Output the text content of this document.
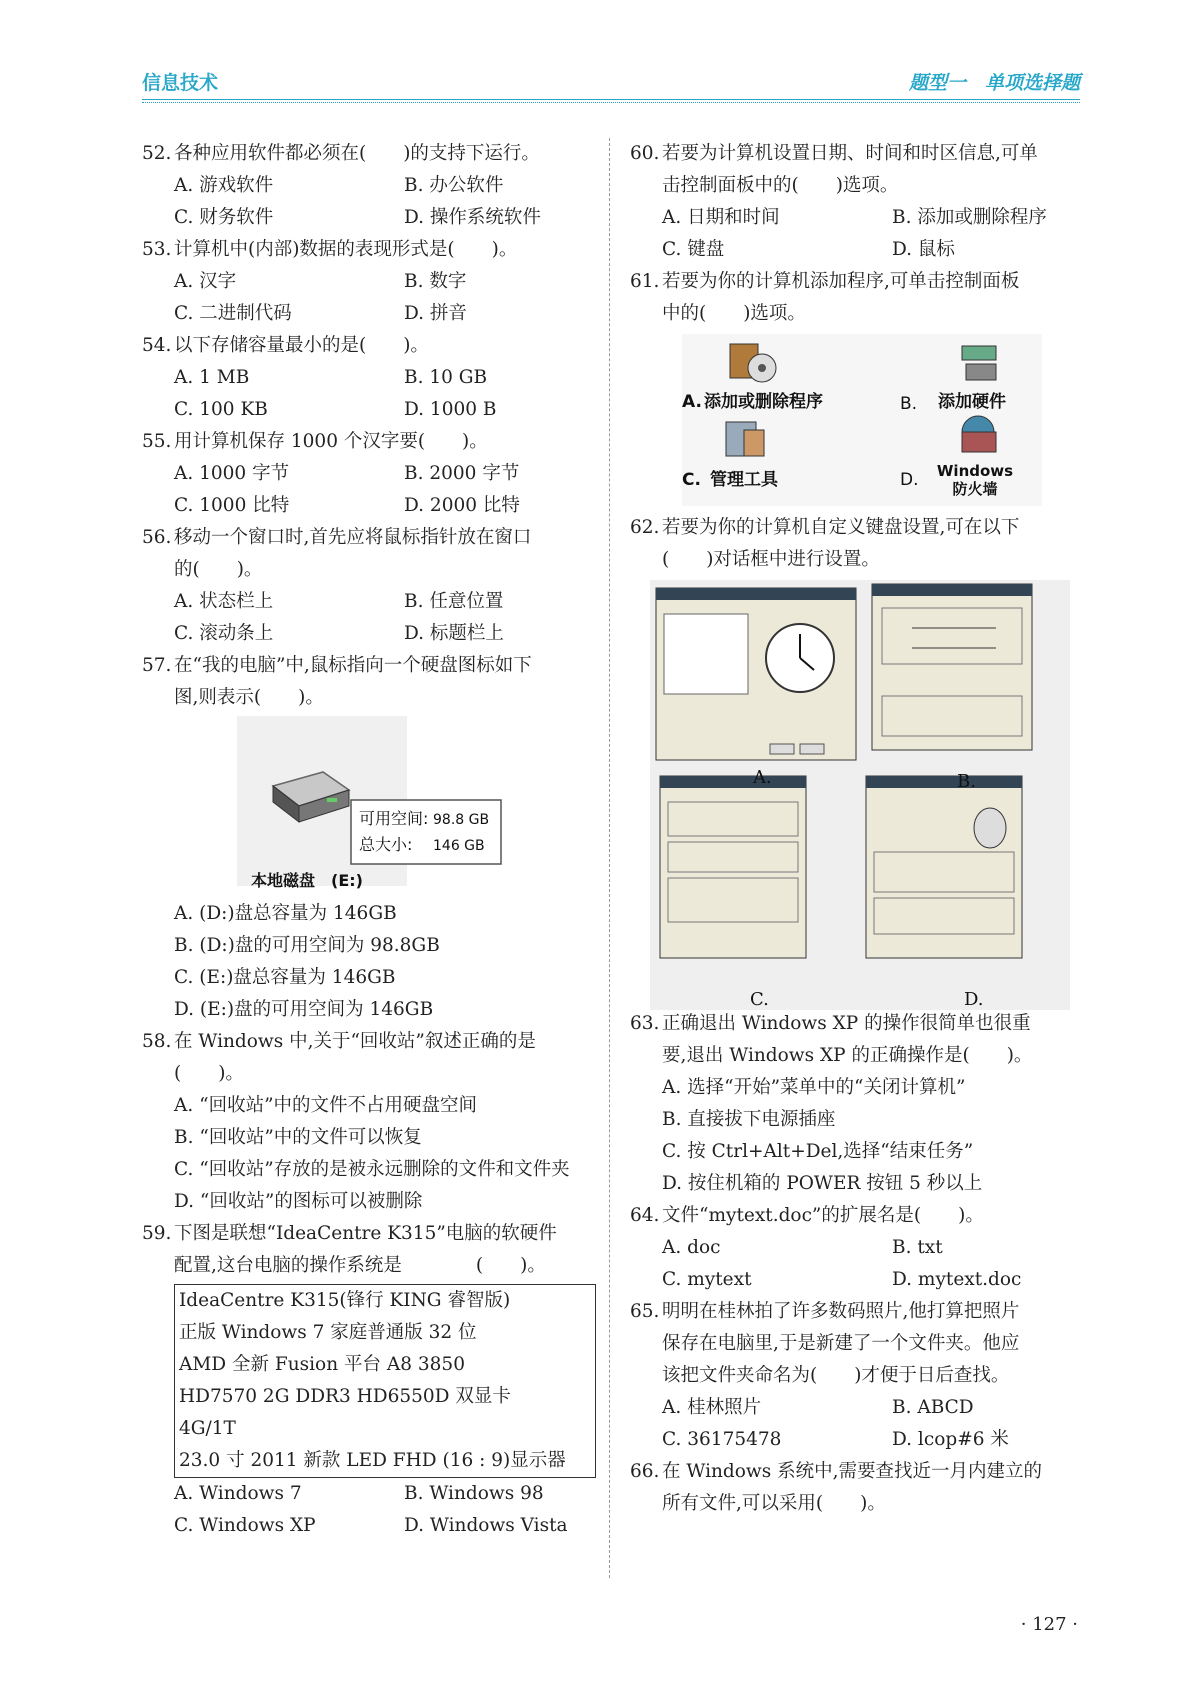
信息技术	题型一　单项选择题
52. 各种应用软件都必须在(　　)的支持下运行。
A. 游戏软件	B. 办公软件
C. 财务软件	D. 操作系统软件
53. 计算机中(内部)数据的表现形式是(　　)。
A. 汉字	B. 数字
C. 二进制代码	D. 拼音
54. 以下存储容量最小的是(　　)。
A. 1 MB	B. 10 GB
C. 100 KB	D. 1000 B
55. 用计算机保存 1000 个汉字要(　　)。
A. 1000 字节	B. 2000 字节
C. 1000 比特	D. 2000 比特
56. 移动一个窗口时,首先应将鼠标指针放在窗口
的(　　)。
A. 状态栏上	B. 任意位置
C. 滚动条上	D. 标题栏上
57. 在“我的电脑”中,鼠标指向一个硬盘图标如下
图,则表示(　　)。
可用空间: 98.8 GB
总大小: 146 GB
本地磁盘　(E:)
A. (D:)盘总容量为 146GB
B. (D:)盘的可用空间为 98.8GB
C. (E:)盘总容量为 146GB
D. (E:)盘的可用空间为 146GB
58. 在 Windows 中,关于“回收站”叙述正确的是
(　　)。
A. “回收站”中的文件不占用硬盘空间
B. “回收站”中的文件可以恢复
C. “回收站”存放的是被永远删除的文件和文件夹
D. “回收站”的图标可以被删除
59. 下图是联想“IdeaCentre K315”电脑的软硬件
配置,这台电脑的操作系统是　　　　(　　)。
IdeaCentre K315(锋行 KING 睿智版)
正版 Windows 7 家庭普通版 32 位
AMD 全新 Fusion 平台 A8 3850
HD7570 2G DDR3 HD6550D 双显卡
4G/1T
23.0 寸 2011 新款 LED FHD (16 : 9)显示器
A. Windows 7	B. Windows 98
C. Windows XP	D. Windows Vista
60. 若要为计算机设置日期、时间和时区信息,可单
击控制面板中的(　　)选项。
A. 日期和时间	B. 添加或删除程序
C. 键盘	D. 鼠标
61. 若要为你的计算机添加程序,可单击控制面板
中的(　　)选项。
A. 添加或删除程序	B. 添加硬件
C. 管理工具	D.	Windows 防火墙
62. 若要为你的计算机自定义键盘设置,可在以下
(　　)对话框中进行设置。
A.	B.
C.	D.
63. 正确退出 Windows XP 的操作很简单也很重
要,退出 Windows XP 的正确操作是(　　)。
A. 选择“开始”菜单中的“关闭计算机”
B. 直接拔下电源插座
C. 按 Ctrl+Alt+Del,选择“结束任务”
D. 按住机箱的 POWER 按钮 5 秒以上
64. 文件“mytext.doc”的扩展名是(　　)。
A. doc	B. txt
C. mytext	D. mytext.doc
65. 明明在桂林拍了许多数码照片,他打算把照片
保存在电脑里,于是新建了一个文件夹。他应
该把文件夹命名为(　　)才便于日后查找。
A. 桂林照片	B. ABCD
C. 36175478	D. lcop#6 米
66. 在 Windows 系统中,需要查找近一月内建立的
所有文件,可以采用(　　)。
· 127 ·
